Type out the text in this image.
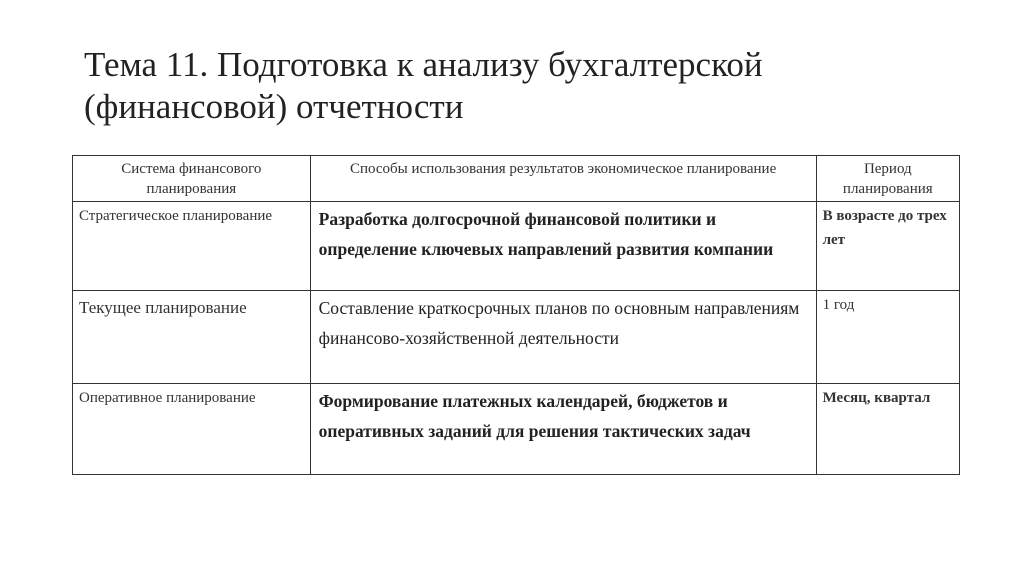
Тема 11. Подготовка к анализу бухгалтерской
(финансовой) отчетности
Система финансового планирования	Способы использования результатов экономическое планирование	Период планирования
Стратегическое планирование	Разработка долгосрочной финансовой политики и определение ключевых направлений развития компании	В возрасте до трех лет
Текущее планирование	Составление краткосрочных планов по основным направлениям финансово-хозяйственной деятельности	1 год
Оперативное планирование	Формирование платежных календарей, бюджетов и оперативных заданий для решения тактических задач	Месяц, квартал
